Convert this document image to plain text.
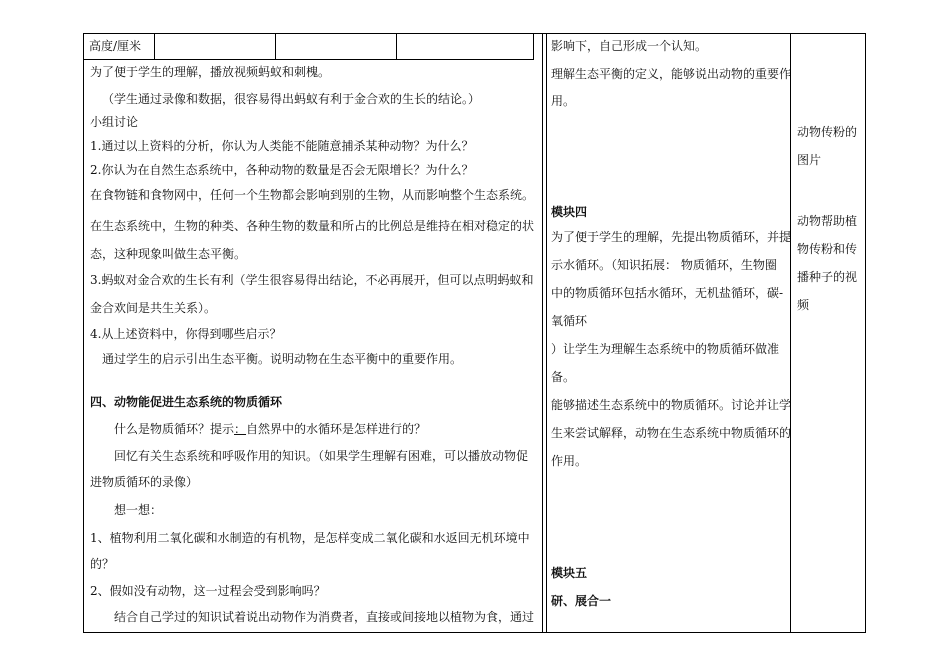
高度/厘米
为了便于学生的理解，播放视频蚂蚁和刺槐。
（学生通过录像和数据，很容易得出蚂蚁有利于金合欢的生长的结论。）
小组讨论
1.通过以上资料的分析，你认为人类能不能随意捕杀某种动物？为什么？
2.你认为在自然生态系统中，各种动物的数量是否会无限增长？为什么？
在食物链和食物网中，任何一个生物都会影响到别的生物，从而影响整个生态系统。
在生态系统中，生物的种类、各种生物的数量和所占的比例总是维持在相对稳定的状
态，这种现象叫做生态平衡。
3.蚂蚁对金合欢的生长有利（学生很容易得出结论，不必再展开，但可以点明蚂蚁和
金合欢间是共生关系）。
4.从上述资料中，你得到哪些启示？
通过学生的启示引出生态平衡。说明动物在生态平衡中的重要作用。
四、动物能促进生态系统的物质循环
什么是物质循环？提示：自然界中的水循环是怎样进行的？
回忆有关生态系统和呼吸作用的知识。（如果学生理解有困难，可以播放动物促
进物质循环的录像）
想一想：
1、植物利用二氧化碳和水制造的有机物，是怎样变成二氧化碳和水返回无机环境中
的？
2、假如没有动物，这一过程会受到影响吗？
结合自己学过的知识试着说出动物作为消费者，直接或间接地以植物为食，通过
影响下，自己形成一个认知。
理解生态平衡的定义，能够说出动物的重要作
用。
模块四
为了便于学生的理解，先提出物质循环，并提
示水循环。（知识拓展： 物质循环，生物圈
中的物质循环包括水循环，无机盐循环，碳-
氧循环
）让学生为理解生态系统中的物质循环做准
备。
能够描述生态系统中的物质循环。讨论并让学
生来尝试解释，动物在生态系统中物质循环的
作用。
模块五
研、展合一
动物传粉的
图片
动物帮助植
物传粉和传
播种子的视
频
